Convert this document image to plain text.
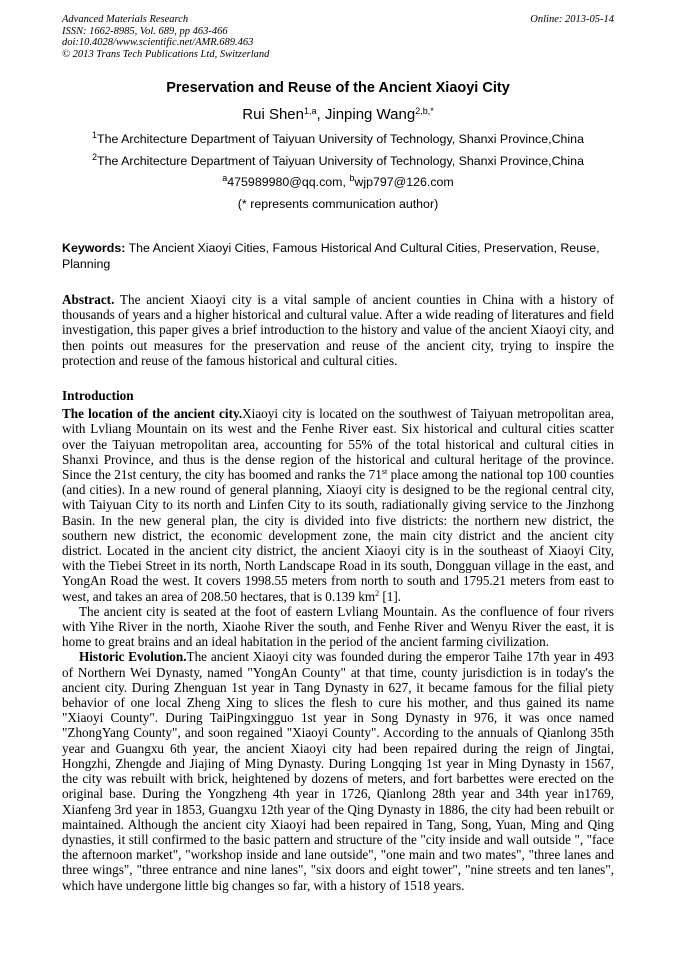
Advanced Materials Research
ISSN: 1662-8985, Vol. 689, pp 463-466
doi:10.4028/www.scientific.net/AMR.689.463
© 2013 Trans Tech Publications Ltd, Switzerland
Online: 2013-05-14
Preservation and Reuse of the Ancient Xiaoyi City
Rui Shen$^{1,a}$, Jinping Wang$^{2,b,*}$
$^1$The Architecture Department of Taiyuan University of Technology, Shanxi Province,China
$^2$The Architecture Department of Taiyuan University of Technology, Shanxi Province,China
$^a$475989980@qq.com, $^b$wjp797@126.com
(* represents communication author)
Keywords: The Ancient Xiaoyi Cities, Famous Historical And Cultural Cities, Preservation, Reuse, Planning

Abstract. The ancient Xiaoyi city is a vital sample of ancient counties in China with a history of thousands of years and a higher historical and cultural value. After a wide reading of literatures and field investigation, this paper gives a brief introduction to the history and value of the ancient Xiaoyi city, and then points out measures for the preservation and reuse of the ancient city, trying to inspire the protection and reuse of the famous historical and cultural cities.

Introduction

The location of the ancient city.Xiaoyi city is located on the southwest of Taiyuan metropolitan area, with Lvliang Mountain on its west and the Fenhe River east. Six historical and cultural cities scatter over the Taiyuan metropolitan area, accounting for 55% of the total historical and cultural cities in Shanxi Province, and thus is the dense region of the historical and cultural heritage of the province. Since the 21st century, the city has boomed and ranks the 71st place among the national top 100 counties (and cities). In a new round of general planning, Xiaoyi city is designed to be the regional central city, with Taiyuan City to its north and Linfen City to its south, radiationally giving service to the Jinzhong Basin. In the new general plan, the city is divided into five districts: the northern new district, the southern new district, the economic development zone, the main city district and the ancient city district. Located in the ancient city district, the ancient Xiaoyi city is in the southeast of Xiaoyi City, with the Tiebei Street in its north, North Landscape Road in its south, Dongguan village in the east, and YongAn Road the west. It covers 1998.55 meters from north to south and 1795.21 meters from east to west, and takes an area of 208.50 hectares, that is 0.139 $km^2$ [1].

The ancient city is seated at the foot of eastern Lvliang Mountain. As the confluence of four rivers with Yihe River in the north, Xiaohe River the south, and Fenhe River and Wenyu River the east, it is home to great brains and an ideal habitation in the period of the ancient farming civilization.

Historic Evolution.The ancient Xiaoyi city was founded during the emperor Taihe 17th year in 493 of Northern Wei Dynasty, named "YongAn County" at that time, county jurisdiction is in today's the ancient city. During Zhenguan 1st year in Tang Dynasty in 627, it became famous for the filial piety behavior of one local Zheng Xing to slices the flesh to cure his mother, and thus gained its name "Xiaoyi County". During TaiPingxingguo 1st year in Song Dynasty in 976, it was once named "ZhongYang County", and soon regained "Xiaoyi County". According to the annuals of Qianlong 35th year and Guangxu 6th year, the ancient Xiaoyi city had been repaired during the reign of Jingtai, Hongzhi, Zhengde and Jiajing of Ming Dynasty. During Longqing 1st year in Ming Dynasty in 1567, the city was rebuilt with brick, heightened by dozens of meters, and fort barbettes were erected on the original base. During the Yongzheng 4th year in 1726, Qianlong 28th year and 34th year in1769, Xianfeng 3rd year in 1853, Guangxu 12th year of the Qing Dynasty in 1886, the city had been rebuilt or maintained. Although the ancient city Xiaoyi had been repaired in Tang, Song, Yuan, Ming and Qing dynasties, it still confirmed to the basic pattern and structure of the "city inside and wall outside ", "face the afternoon market", "workshop inside and lane outside", "one main and two mates", "three lanes and three wings", "three entrance and nine lanes", "six doors and eight tower", "nine streets and ten lanes", which have undergone little big changes so far, with a history of 1518 years.
